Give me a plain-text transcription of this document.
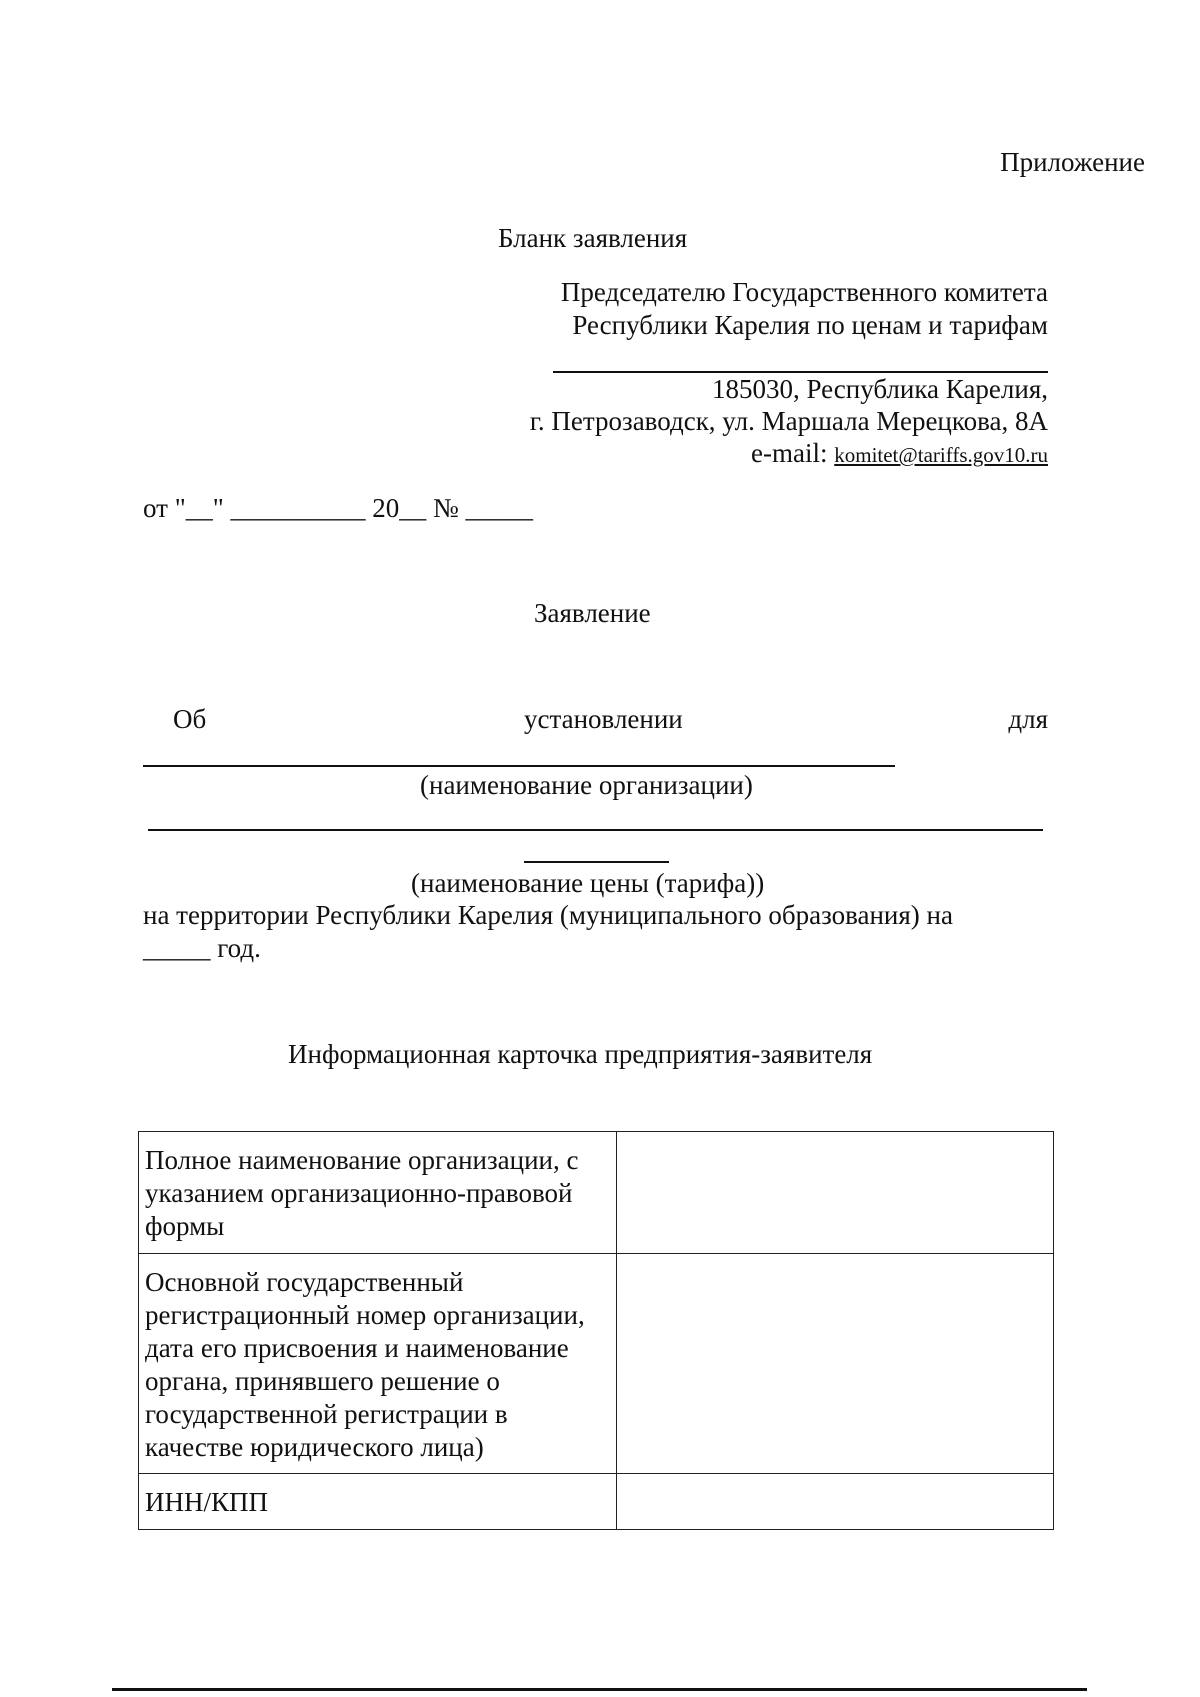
Приложение
Бланк заявления
Председателю Государственного комитета
Республики Карелия по ценам и тарифам
185030, Республика Карелия,
г. Петрозаводск, ул. Маршала Мерецкова, 8А
e-mail: komitet@tariffs.gov10.ru
от "__" __________ 20__ № _____
Заявление
Об	установлении	для
(наименование организации)
(наименование цены (тарифа))
на территории Республики Карелия (муниципального образования) на
_____ год.
Информационная карточка предприятия-заявителя
Полное наименование организации, с указанием организационно-правовой формы	
Основной государственный регистрационный номер организации, дата его присвоения и наименование органа, принявшего решение о государственной регистрации в качестве юридического лица)	
ИНН/КПП	
